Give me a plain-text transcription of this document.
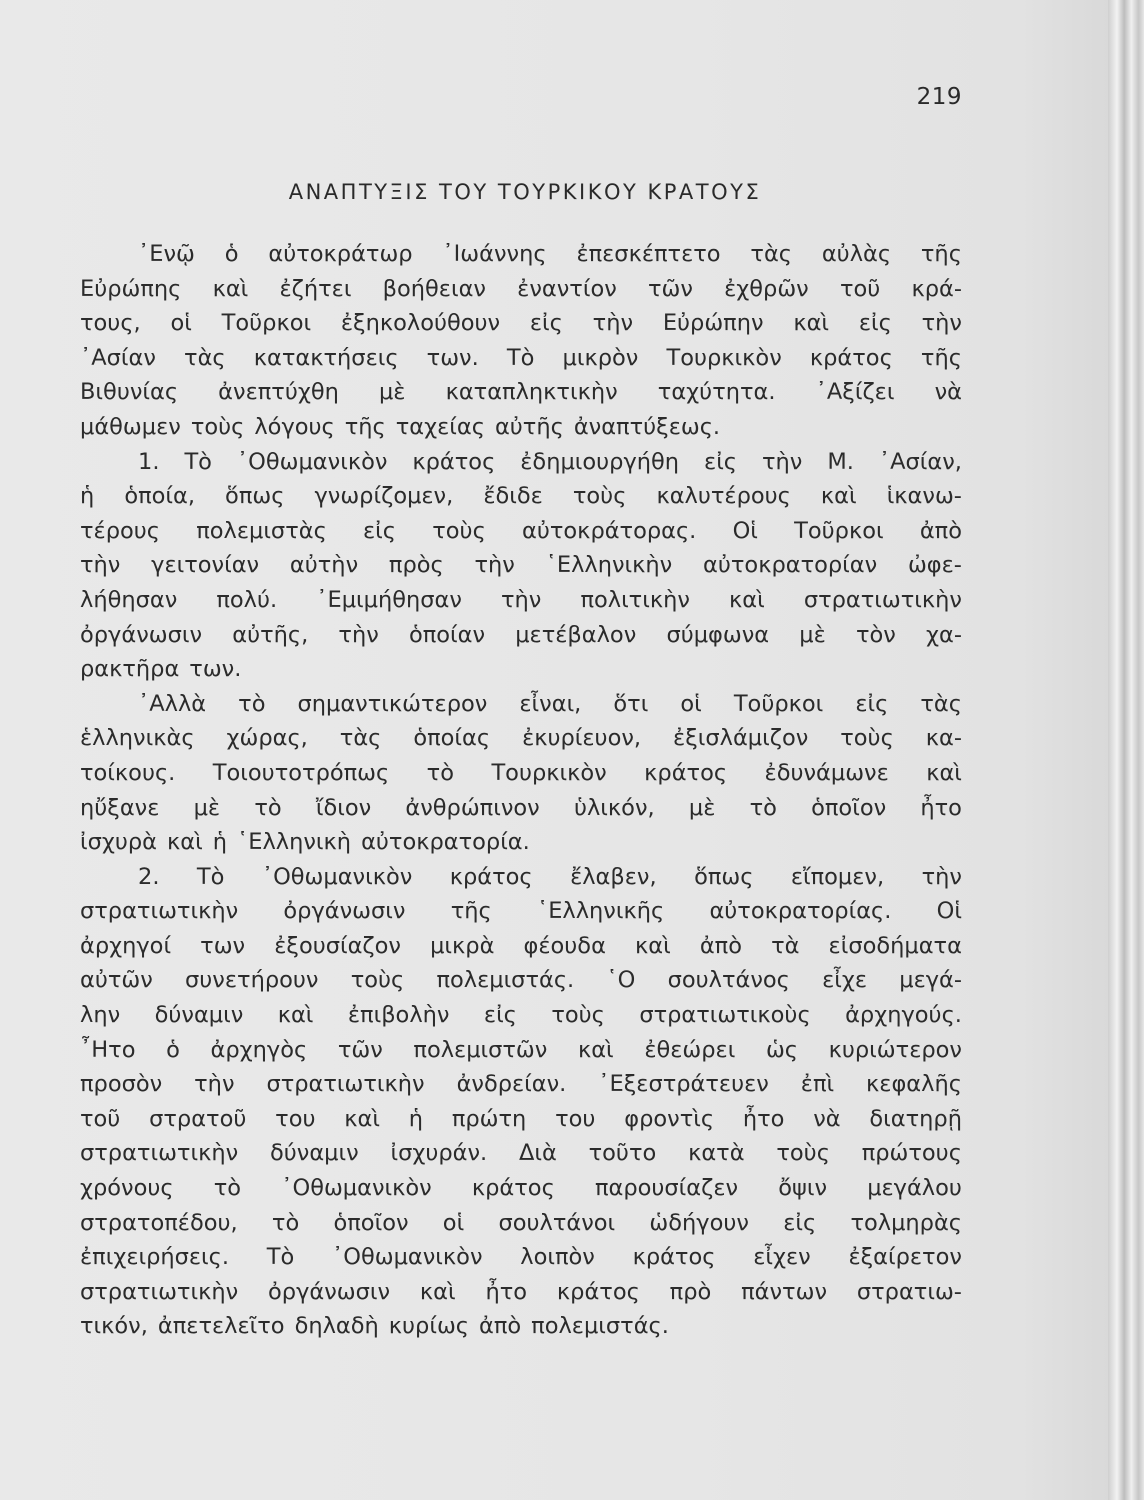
219
ΑΝΑΠΤΥΞΙΣ ΤΟΥ ΤΟΥΡΚΙΚΟΥ ΚΡΑΤΟΥΣ
᾿Ενῷ ὁ αὐτοκράτωρ ᾿Ιωάννης ἐπεσκέπτετο τὰς αὐλὰς τῆς
Εὐρώπης καὶ ἐζήτει βοήθειαν ἐναντίον τῶν ἐχθρῶν τοῦ κρά-
τους, οἱ Τοῦρκοι ἐξηκολούθουν εἰς τὴν Εὐρώπην καὶ εἰς τὴν
᾿Ασίαν τὰς κατακτήσεις των. Τὸ μικρὸν Τουρκικὸν κράτος τῆς
Βιθυνίας ἀνεπτύχθη μὲ καταπληκτικὴν ταχύτητα. ᾿Αξίζει νὰ
μάθωμεν τοὺς λόγους τῆς ταχείας αὐτῆς ἀναπτύξεως.
1. Τὸ ᾿Οθωμανικὸν κράτος ἐδημιουργήθη εἰς τὴν Μ. ᾿Ασίαν,
ἡ ὁποία, ὅπως γνωρίζομεν, ἔδιδε τοὺς καλυτέρους καὶ ἱκανω-
τέρους πολεμιστὰς εἰς τοὺς αὐτοκράτορας. Οἱ Τοῦρκοι ἀπὸ
τὴν γειτονίαν αὐτὴν πρὸς τὴν ῾Ελληνικὴν αὐτοκρατορίαν ὠφε-
λήθησαν πολύ. ᾿Εμιμήθησαν τὴν πολιτικὴν καὶ στρατιωτικὴν
ὀργάνωσιν αὐτῆς, τὴν ὁποίαν μετέβαλον σύμφωνα μὲ τὸν χα-
ρακτῆρα των.
᾿Αλλὰ τὸ σημαντικώτερον εἶναι, ὅτι οἱ Τοῦρκοι εἰς τὰς
ἑλληνικὰς χώρας, τὰς ὁποίας ἐκυρίευον, ἐξισλάμιζον τοὺς κα-
τοίκους. Τοιουτοτρόπως τὸ Τουρκικὸν κράτος ἐδυνάμωνε καὶ
ηὔξανε μὲ τὸ ἴδιον ἀνθρώπινον ὑλικόν, μὲ τὸ ὁποῖον ἦτο
ἰσχυρὰ καὶ ἡ ῾Ελληνικὴ αὐτοκρατορία.
2. Τὸ ᾿Οθωμανικὸν κράτος ἔλαβεν, ὅπως εἴπομεν, τὴν
στρατιωτικὴν ὀργάνωσιν τῆς ῾Ελληνικῆς αὐτοκρατορίας. Οἱ
ἀρχηγοί των ἐξουσίαζον μικρὰ φέουδα καὶ ἀπὸ τὰ εἰσοδήματα
αὐτῶν συνετήρουν τοὺς πολεμιστάς. ῾Ο σουλτάνος εἶχε μεγά-
λην δύναμιν καὶ ἐπιβολὴν εἰς τοὺς στρατιωτικοὺς ἀρχηγούς.
῏Ητο ὁ ἀρχηγὸς τῶν πολεμιστῶν καὶ ἐθεώρει ὡς κυριώτερον
προσὸν τὴν στρατιωτικὴν ἀνδρείαν. ᾿Εξεστράτευεν ἐπὶ κεφαλῆς
τοῦ στρατοῦ του καὶ ἡ πρώτη του φροντὶς ἦτο νὰ διατηρῇ
στρατιωτικὴν δύναμιν ἰσχυράν. Διὰ τοῦτο κατὰ τοὺς πρώτους
χρόνους τὸ ᾿Οθωμανικὸν κράτος παρουσίαζεν ὄψιν μεγάλου
στρατοπέδου, τὸ ὁποῖον οἱ σουλτάνοι ὡδήγουν εἰς τολμηρὰς
ἐπιχειρήσεις. Τὸ ᾿Οθωμανικὸν λοιπὸν κράτος εἶχεν ἐξαίρετον
στρατιωτικὴν ὀργάνωσιν καὶ ἦτο κράτος πρὸ πάντων στρατιω-
τικόν, ἀπετελεῖτο δηλαδὴ κυρίως ἀπὸ πολεμιστάς.
